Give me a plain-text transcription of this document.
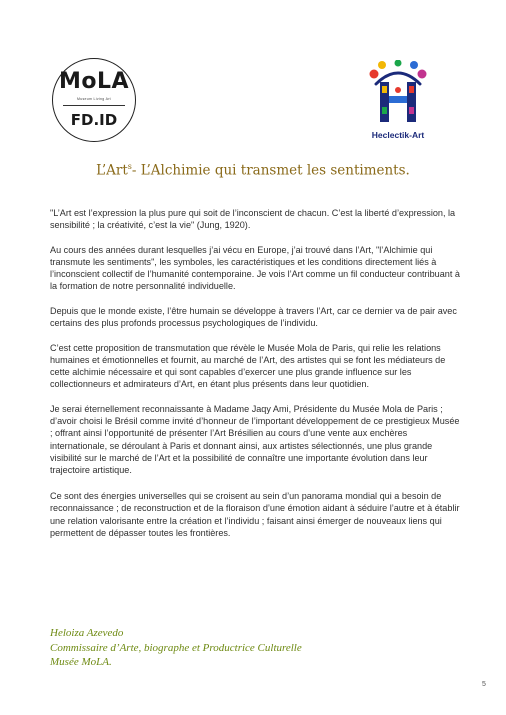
MoLA
Museum Living Art
FD.ID
Heclectik-Art
L’Art$^s$- L’Alchimie qui transmet les sentiments.

"L’Art est l’expression la plus pure qui soit de l’inconscient de chacun. C’est la liberté d’expression, la sensibilité ; la créativité, c’est la vie" (Jung, 1920).

Au cours des années durant lesquelles j’ai vécu en Europe, j’ai trouvé dans l’Art, "l’Alchimie qui transmute les sentiments", les symboles, les caractéristiques et les conditions directement liés à l’inconscient collectif de l’humanité contemporaine. Je vois l’Art comme un fil conducteur contribuant à la formation de notre personnalité individuelle.

Depuis que le monde existe, l’être humain se développe à travers l’Art, car ce dernier va de pair avec certains des plus profonds processus psychologiques de l’individu.

C’est cette proposition de transmutation que révèle le Musée Mola de Paris, qui relie les relations humaines et émotionnelles et fournit, au marché de l’Art, des artistes qui se font les médiateurs de cette alchimie nécessaire et qui sont capables d’exercer une plus grande influence sur les collectionneurs et admirateurs d’Art, en étant plus présents dans leur quotidien.

Je serai éternellement reconnaissante à Madame Jaqy Ami, Présidente du Musée Mola de Paris ; d’avoir choisi le Brésil comme invité d’honneur de l’important développement de ce prestigieux Musée ; offrant ainsi l’opportunité de présenter l’Art Brésilien au cours d’une vente aux enchères internationale, se déroulant à Paris et donnant ainsi, aux artistes sélectionnés, une plus grande visibilité sur le marché de l’Art et la possibilité de connaître une importante évolution dans leur trajectoire artistique.

Ce sont des énergies universelles qui se croisent au sein d’un panorama mondial qui a besoin de reconnaissance ; de reconstruction et de la floraison d’une émotion aidant à séduire l’autre et à établir une relation valorisante entre la création et l’individu ; faisant ainsi émerger de nouveaux liens qui permettent de dépasser toutes les frontières.

Heloiza Azevedo
Commissaire d’Arte, biographe et Productrice Culturelle
Musée MoLA.
5
